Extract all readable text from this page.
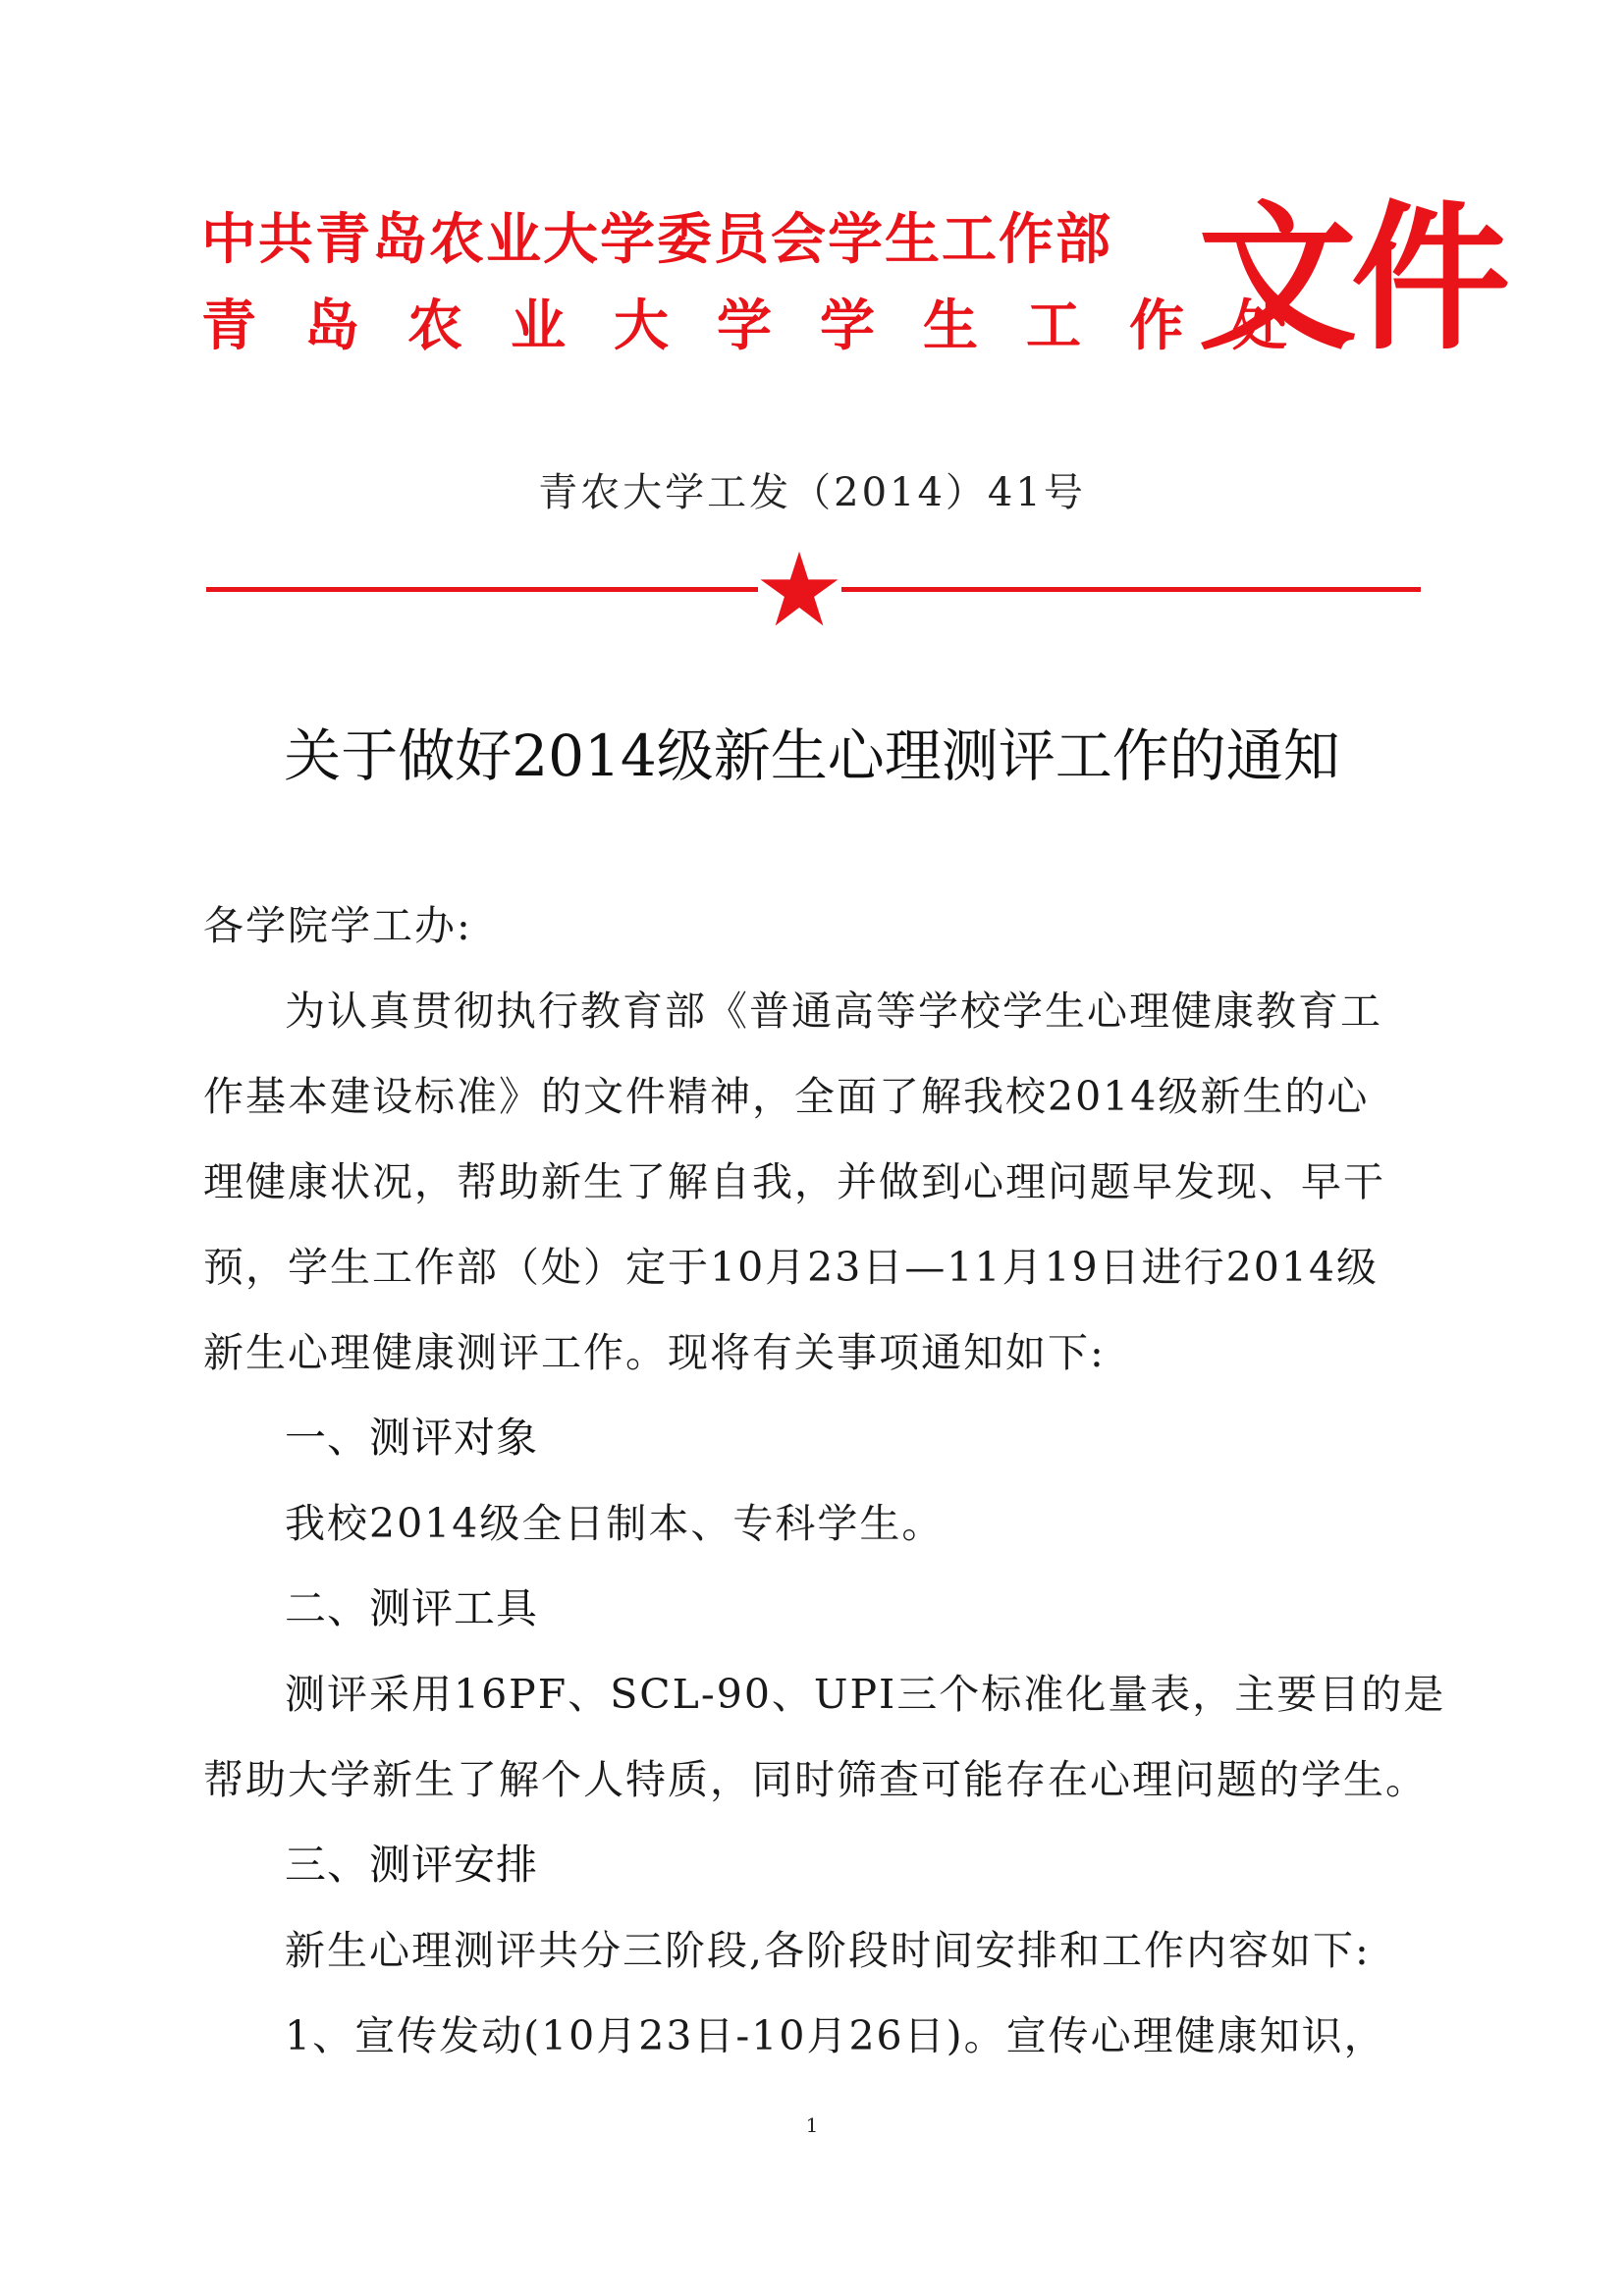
中共青岛农业大学委员会学生工作部
青岛农业大学学生工作处
文件
青农大学工发（2014）41号
关于做好2014级新生心理测评工作的通知
各学院学工办:
为认真贯彻执行教育部《普通高等学校学生心理健康教育工
作基本建设标准》的文件精神，全面了解我校2014级新生的心
理健康状况，帮助新生了解自我，并做到心理问题早发现、早干
预，学生工作部（处）定于10月23日—11月19日进行2014级
新生心理健康测评工作。现将有关事项通知如下:
一、测评对象
我校2014级全日制本、专科学生。
二、测评工具
测评采用16PF、SCL-90、UPI三个标准化量表，主要目的是
帮助大学新生了解个人特质，同时筛查可能存在心理问题的学生。
三、测评安排
新生心理测评共分三阶段,各阶段时间安排和工作内容如下:
1、宣传发动(10月23日-10月26日)。宣传心理健康知识，
1
